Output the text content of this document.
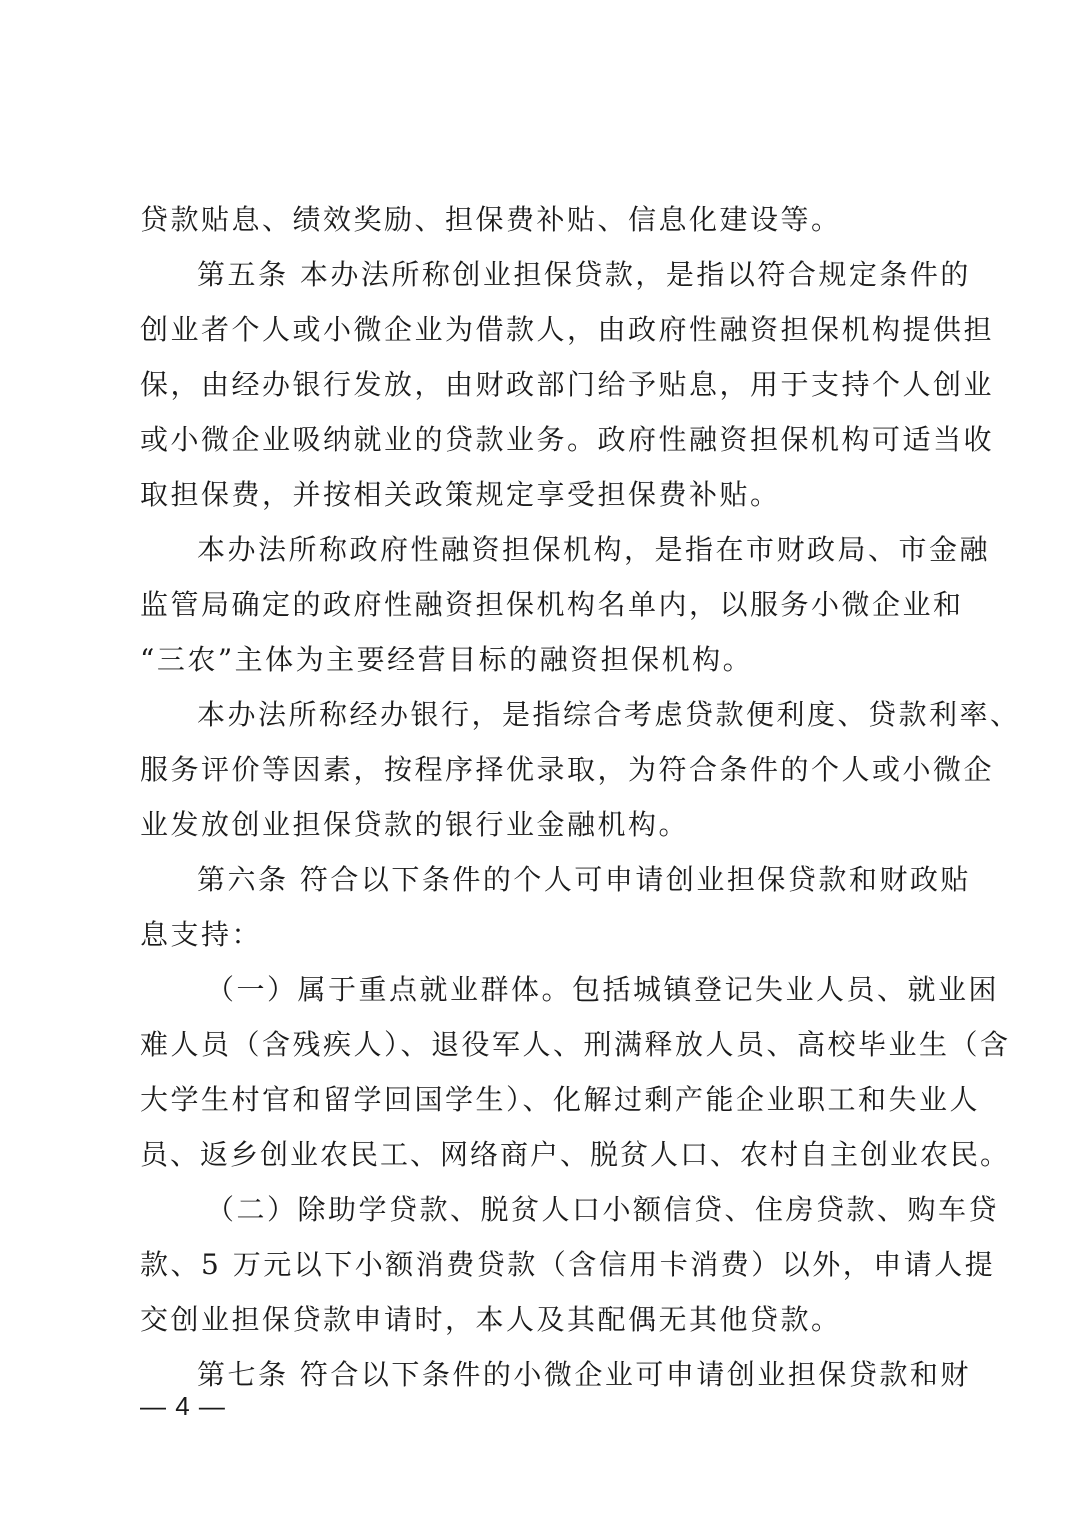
贷款贴息、绩效奖励、担保费补贴、信息化建设等。
第五条 本办法所称创业担保贷款，是指以符合规定条件的
创业者个人或小微企业为借款人，由政府性融资担保机构提供担
保，由经办银行发放，由财政部门给予贴息，用于支持个人创业
或小微企业吸纳就业的贷款业务。政府性融资担保机构可适当收
取担保费，并按相关政策规定享受担保费补贴。
本办法所称政府性融资担保机构，是指在市财政局、市金融
监管局确定的政府性融资担保机构名单内，以服务小微企业和
“三农”主体为主要经营目标的融资担保机构。
本办法所称经办银行，是指综合考虑贷款便利度、贷款利率、
服务评价等因素，按程序择优录取，为符合条件的个人或小微企
业发放创业担保贷款的银行业金融机构。
第六条 符合以下条件的个人可申请创业担保贷款和财政贴
息支持：
（一）属于重点就业群体。包括城镇登记失业人员、就业困
难人员（含残疾人）、退役军人、刑满释放人员、高校毕业生（含
大学生村官和留学回国学生）、化解过剩产能企业职工和失业人
员、返乡创业农民工、网络商户、脱贫人口、农村自主创业农民。
（二）除助学贷款、脱贫人口小额信贷、住房贷款、购车贷
款、5 万元以下小额消费贷款（含信用卡消费）以外，申请人提
交创业担保贷款申请时，本人及其配偶无其他贷款。
第七条 符合以下条件的小微企业可申请创业担保贷款和财
— 4 —
